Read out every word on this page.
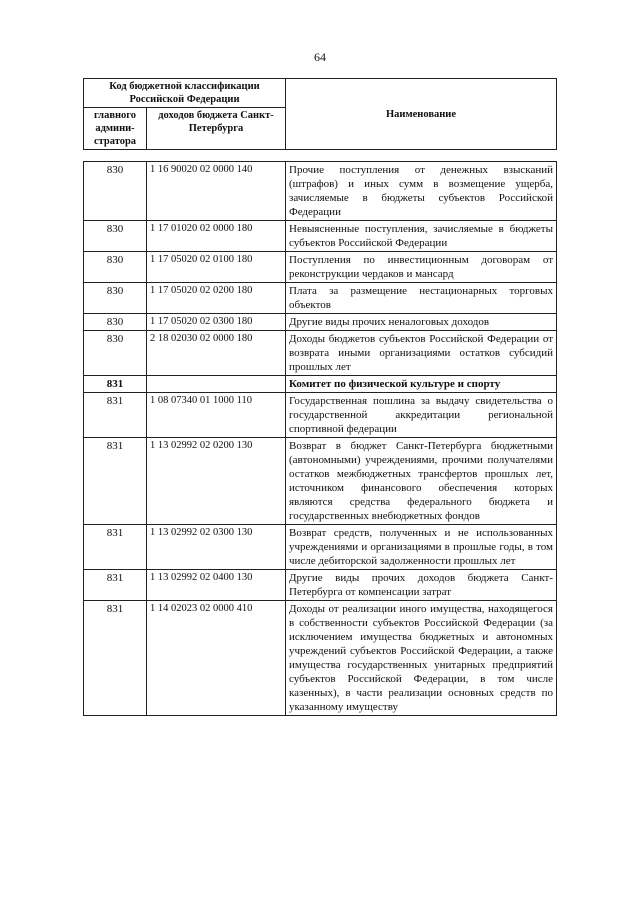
64
Код бюджетной классификации Российской Федерации		Наименование
главного админи-стратора	доходов бюджета Санкт-Петербурга	
830	1 16 90020 02 0000 140	Прочие поступления от денежных взысканий (штрафов) и иных сумм в возмещение ущерба, зачисляемые в бюджеты субъектов Российской Федерации
830	1 17 01020 02 0000 180	Невыясненные поступления, зачисляемые в бюджеты субъектов Российской Федерации
830	1 17 05020 02 0100 180	Поступления по инвестиционным договорам от реконструкции чердаков и мансард
830	1 17 05020 02 0200 180	Плата за размещение нестационарных торговых объектов
830	1 17 05020 02 0300 180	Другие виды прочих неналоговых доходов
830	2 18 02030 02 0000 180	Доходы бюджетов субъектов Российской Федерации от возврата иными организациями остатков субсидий прошлых лет
831		Комитет по физической культуре и спорту
831	1 08 07340 01 1000 110	Государственная пошлина за выдачу свидетельства о государственной аккредитации региональной спортивной федерации
831	1 13 02992 02 0200 130	Возврат в бюджет Санкт-Петербурга бюджетными (автономными) учреждениями, прочими получателями остатков межбюджетных трансфертов прошлых лет, источником финансового обеспечения которых являются средства федерального бюджета и государственных внебюджетных фондов
831	1 13 02992 02 0300 130	Возврат средств, полученных и не использованных учреждениями и организациями в прошлые годы, в том числе дебиторской задолженности прошлых лет
831	1 13 02992 02 0400 130	Другие виды прочих доходов бюджета Санкт-Петербурга от компенсации затрат
831	1 14 02023 02 0000 410	Доходы от реализации иного имущества, находящегося в собственности субъектов Российской Федерации (за исключением имущества бюджетных и автономных учреждений субъектов Российской Федерации, а также имущества государственных унитарных предприятий субъектов Российской Федерации, в том числе казенных), в части реализации основных средств по указанному имуществу
